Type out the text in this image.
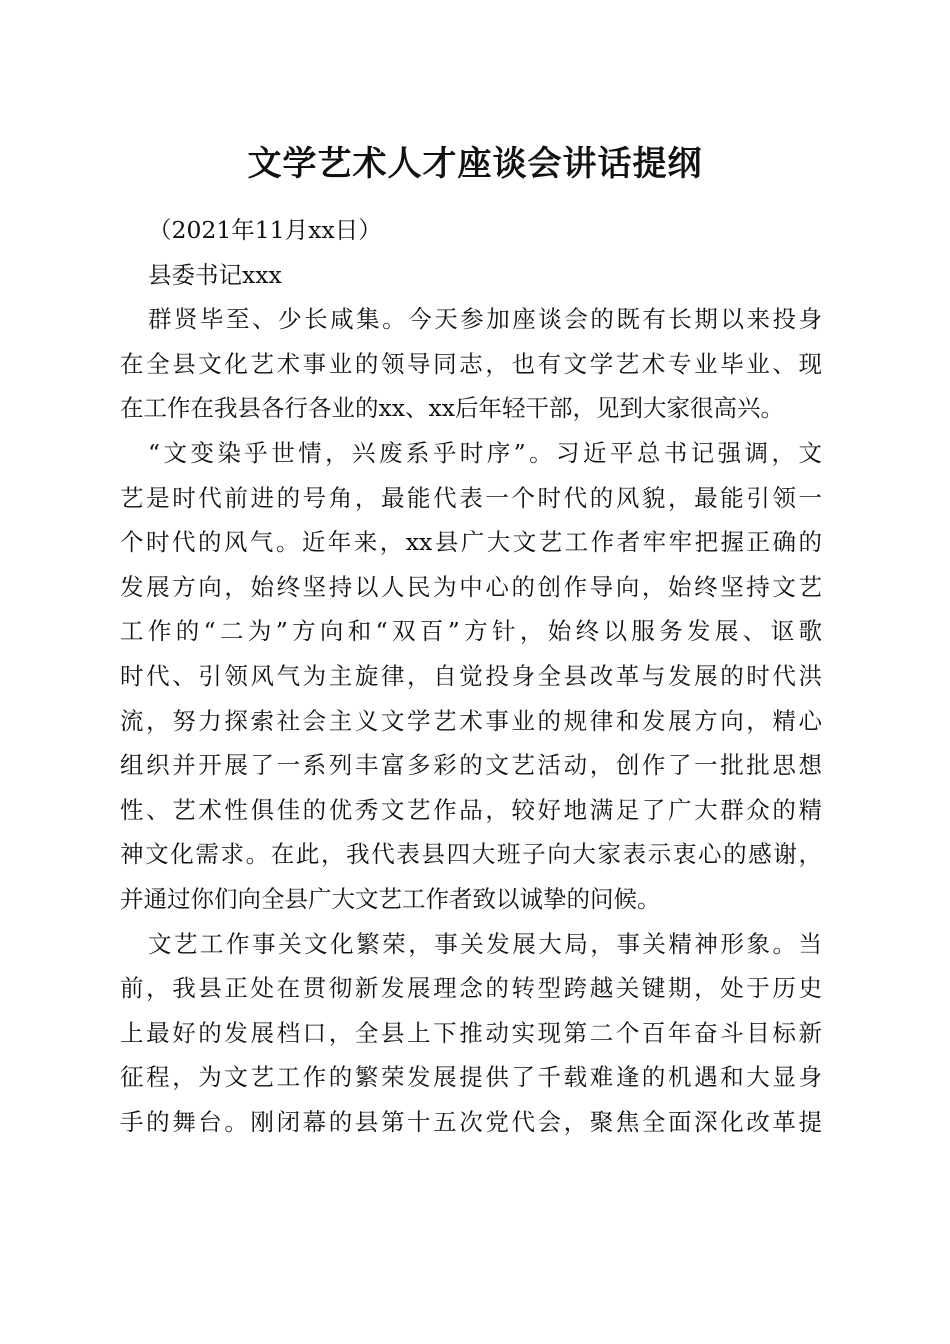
文学艺术人才座谈会讲话提纲
（2021年11月xx日）
县委书记xxx
群贤毕至、少长咸集。今天参加座谈会的既有长期以来投身
在全县文化艺术事业的领导同志，也有文学艺术专业毕业、现
在工作在我县各行各业的xx、xx后年轻干部，见到大家很高兴。
“文变染乎世情，兴废系乎时序”。习近平总书记强调，文
艺是时代前进的号角，最能代表一个时代的风貌，最能引领一
个时代的风气。近年来，xx县广大文艺工作者牢牢把握正确的
发展方向，始终坚持以人民为中心的创作导向，始终坚持文艺
工作的“二为”方向和“双百”方针，始终以服务发展、讴歌
时代、引领风气为主旋律，自觉投身全县改革与发展的时代洪
流，努力探索社会主义文学艺术事业的规律和发展方向，精心
组织并开展了一系列丰富多彩的文艺活动，创作了一批批思想
性、艺术性俱佳的优秀文艺作品，较好地满足了广大群众的精
神文化需求。在此，我代表县四大班子向大家表示衷心的感谢，
并通过你们向全县广大文艺工作者致以诚挚的问候。
文艺工作事关文化繁荣，事关发展大局，事关精神形象。当
前，我县正处在贯彻新发展理念的转型跨越关键期，处于历史
上最好的发展档口，全县上下推动实现第二个百年奋斗目标新
征程，为文艺工作的繁荣发展提供了千载难逢的机遇和大显身
手的舞台。刚闭幕的县第十五次党代会，聚焦全面深化改革提
